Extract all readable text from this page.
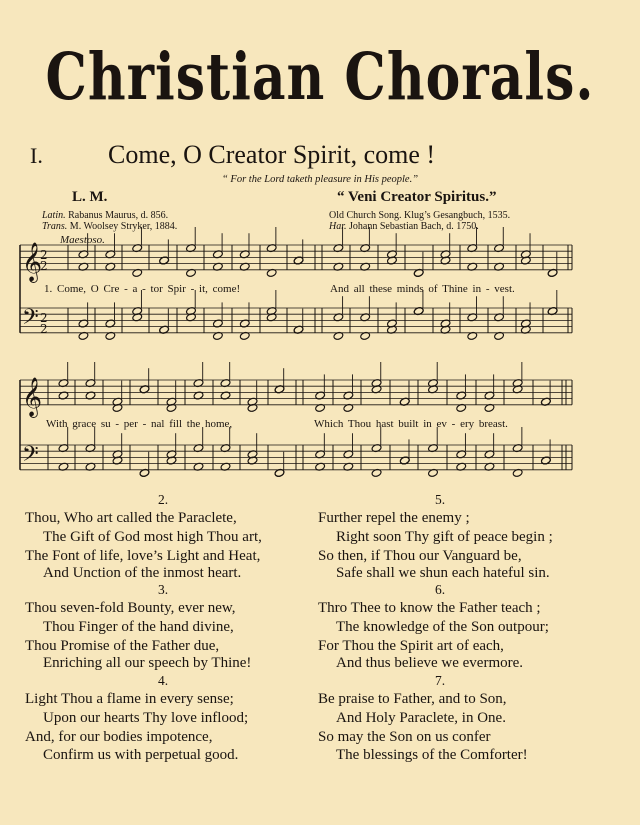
Christian Chorals.
I.	Come, O Creator Spirit, come !
“ For the Lord taketh pleasure in His people.”
L. M.	“ Veni Creator Spiritus.”
Latin. Rabanus Maurus, d. 856.
Trans. M. Woolsey Stryker, 1884.
Old Church Song. Klug’s Gesangbuch, 1535.
Har. Johann Sebastian Bach, d. 1750.
Maestoso.
𝄞
𝄢
𝄞
𝄢
2
2
2
2
1. Come, O Cre - a - tor Spir - it, come!	And all these minds of Thine in - vest.
With grace su - per - nal fill the home,	Which Thou hast built in ev - ery breast.
2.
Thou, Who art called the Paraclete,
The Gift of God most high Thou art,
The Font of life, love’s Light and Heat,
And Unction of the inmost heart.
3.
Thou seven-fold Bounty, ever new,
Thou Finger of the hand divine,
Thou Promise of the Father due,
Enriching all our speech by Thine!
4.
Light Thou a flame in every sense;
Upon our hearts Thy love inflood;
And, for our bodies impotence,
Confirm us with perpetual good.
5.
Further repel the enemy ;
Right soon Thy gift of peace begin ;
So then, if Thou our Vanguard be,
Safe shall we shun each hateful sin.
6.
Thro Thee to know the Father teach ;
The knowledge of the Son outpour;
For Thou the Spirit art of each,
And thus believe we evermore.
7.
Be praise to Father, and to Son,
And Holy Paraclete, in One.
So may the Son on us confer
The blessings of the Comforter!
